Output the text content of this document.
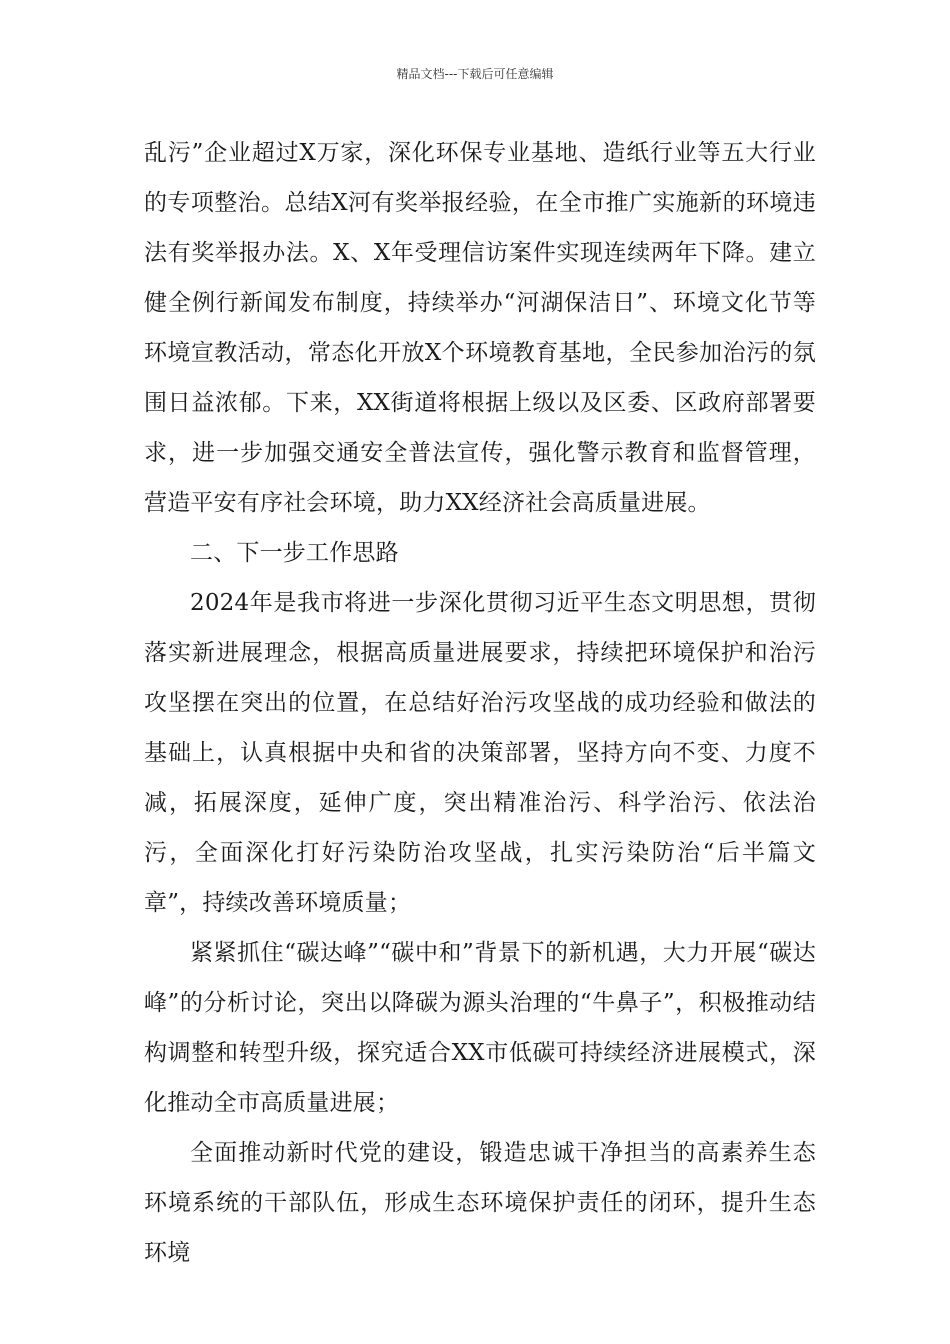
精品文档---下载后可任意编辑

乱污”企业超过X万家，深化环保专业基地、造纸行业等五大行业的专项整治。总结X河有奖举报经验，在全市推广实施新的环境违法有奖举报办法。X、X年受理信访案件实现连续两年下降。建立健全例行新闻发布制度，持续举办“河湖保洁日”、环境文化节等环境宣教活动，常态化开放X个环境教育基地，全民参加治污的氛围日益浓郁。下来，XX街道将根据上级以及区委、区政府部署要求，进一步加强交通安全普法宣传，强化警示教育和监督管理，营造平安有序社会环境，助力XX经济社会高质量进展。

二、下一步工作思路

2024年是我市将进一步深化贯彻习近平生态文明思想，贯彻落实新进展理念，根据高质量进展要求，持续把环境保护和治污攻坚摆在突出的位置，在总结好治污攻坚战的成功经验和做法的基础上，认真根据中央和省的决策部署，坚持方向不变、力度不减，拓展深度，延伸广度，突出精准治污、科学治污、依法治污，全面深化打好污染防治攻坚战，扎实污染防治“后半篇文章”，持续改善环境质量；

紧紧抓住“碳达峰”“碳中和”背景下的新机遇，大力开展“碳达峰”的分析讨论，突出以降碳为源头治理的“牛鼻子”，积极推动结构调整和转型升级，探究适合XX市低碳可持续经济进展模式，深化推动全市高质量进展；

全面推动新时代党的建设，锻造忠诚干净担当的高素养生态环境系统的干部队伍，形成生态环境保护责任的闭环，提升生态环境
